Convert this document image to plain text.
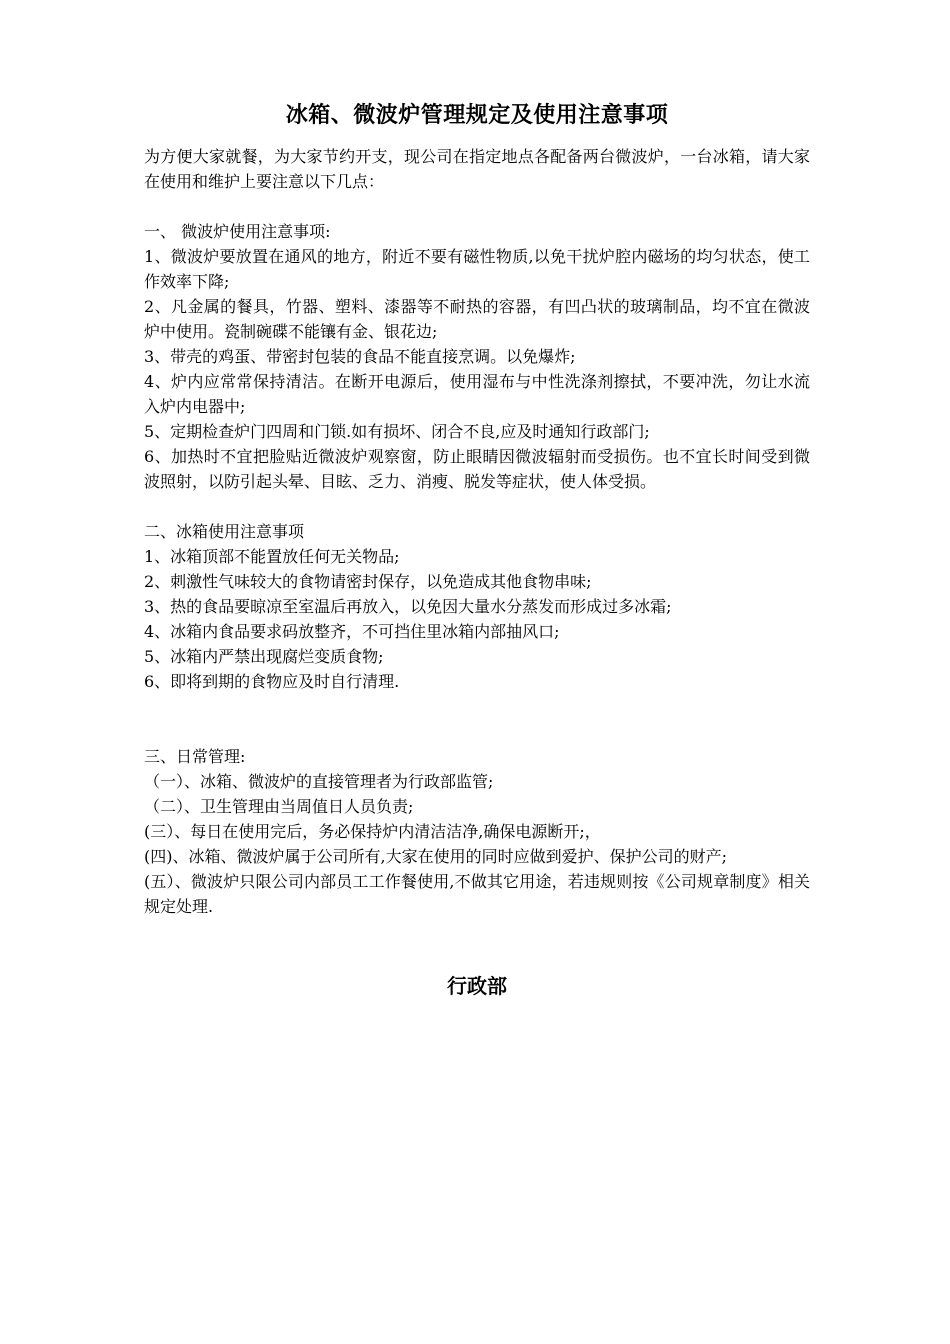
冰箱、微波炉管理规定及使用注意事项

为方便大家就餐，为大家节约开支，现公司在指定地点各配备两台微波炉，一台冰箱，请大家在使用和维护上要注意以下几点：

一、 微波炉使用注意事项:

1、微波炉要放置在通风的地方，附近不要有磁性物质,以免干扰炉腔内磁场的均匀状态，使工作效率下降;

2、凡金属的餐具，竹器、塑料、漆器等不耐热的容器，有凹凸状的玻璃制品，均不宜在微波炉中使用。瓷制碗碟不能镶有金、银花边;

3、带壳的鸡蛋、带密封包装的食品不能直接烹调。以免爆炸;

4、炉内应常常保持清洁。在断开电源后，使用湿布与中性洗涤剂擦拭，不要冲洗，勿让水流入炉内电器中;

5、定期检查炉门四周和门锁.如有损坏、闭合不良,应及时通知行政部门;

6、加热时不宜把脸贴近微波炉观察窗，防止眼睛因微波辐射而受损伤。也不宜长时间受到微波照射，以防引起头晕、目眩、乏力、消瘦、脱发等症状，使人体受损。

二、冰箱使用注意事项

1、冰箱顶部不能置放任何无关物品;

2、刺激性气味较大的食物请密封保存，以免造成其他食物串味;

3、热的食品要晾凉至室温后再放入，以免因大量水分蒸发而形成过多冰霜;

4、冰箱内食品要求码放整齐，不可挡住里冰箱内部抽风口;

5、冰箱内严禁出现腐烂变质食物;

6、即将到期的食物应及时自行清理.

三、日常管理:

（一）、冰箱、微波炉的直接管理者为行政部监管;

（二）、卫生管理由当周值日人员负责;

(三）、每日在使用完后，务必保持炉内清洁洁净,确保电源断开;，

(四)、冰箱、微波炉属于公司所有,大家在使用的同时应做到爱护、保护公司的财产;

(五）、微波炉只限公司内部员工工作餐使用,不做其它用途，若违规则按《公司规章制度》相关规定处理.

行政部
